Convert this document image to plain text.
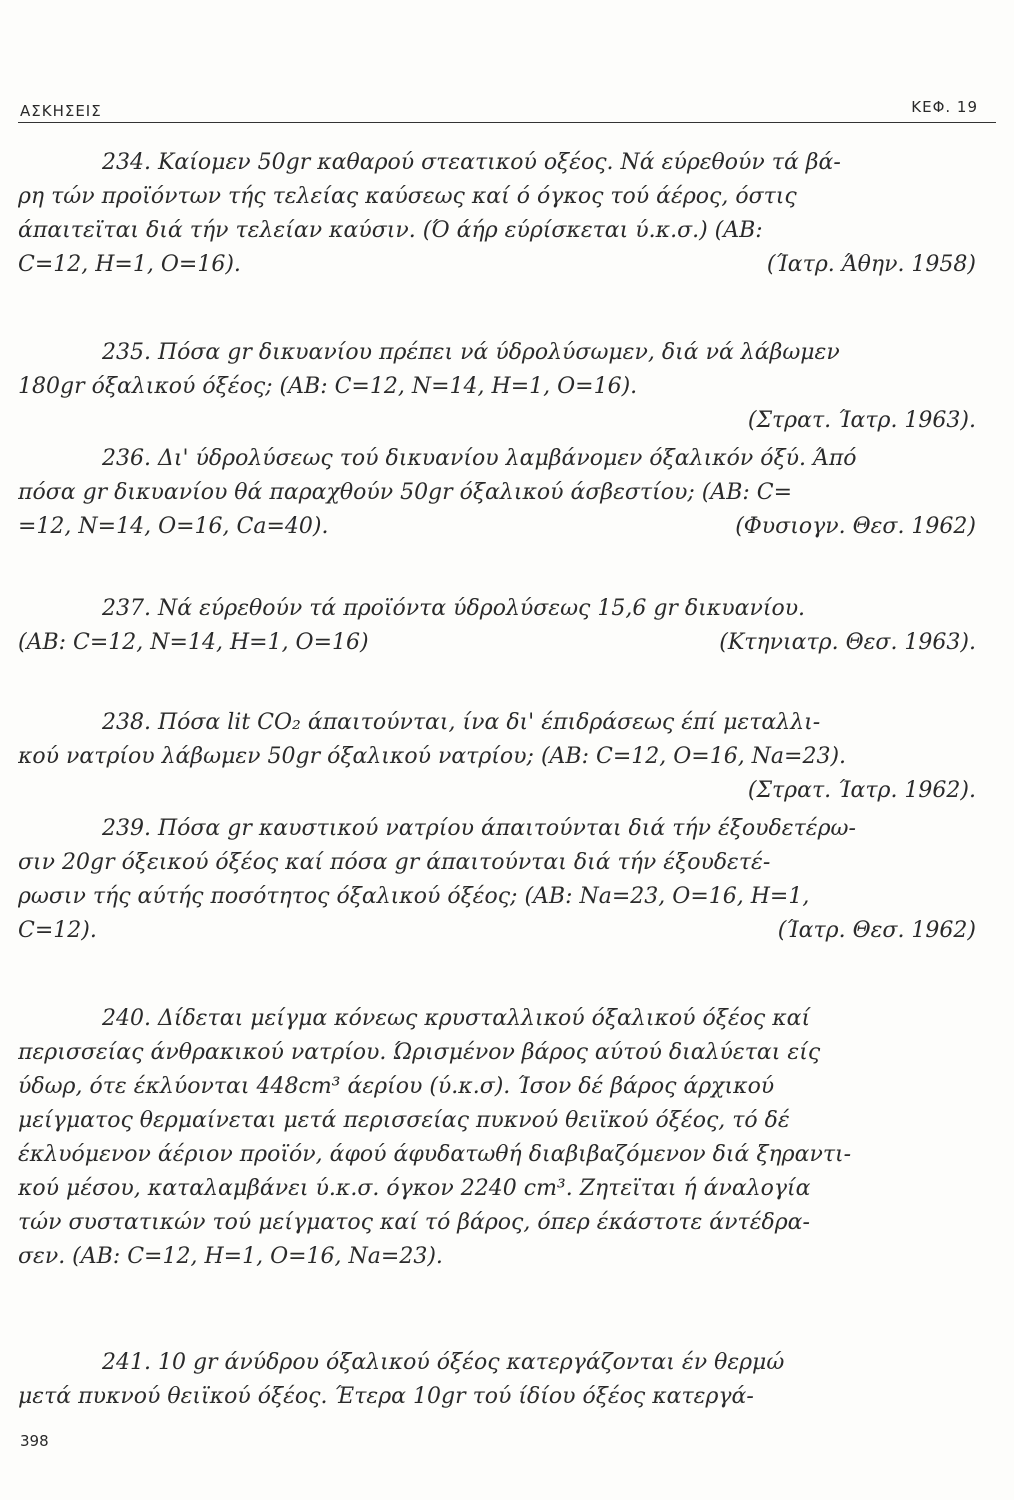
ΑΣΚΗΣΕΙΣ	ΚΕΦ. 19
234. Καίομεν 50gr καθαρού στεατικού οξέος. Νά εύρεθούν τά βά-
ρη τών προϊόντων τής τελείας καύσεως καί ό όγκος τού άέρος, όστις
άπαιτεϊται διά τήν τελείαν καύσιν. (Ό άήρ εύρίσκεται ύ.κ.σ.) (ΑΒ:
C=12, H=1, O=16).	(Ίατρ. Άθην. 1958)
235. Πόσα gr δικυανίου πρέπει νά ύδρολύσωμεν, διά νά λάβωμεν
180gr όξαλικού όξέος; (ΑΒ: C=12, N=14, H=1, O=16).
(Στρατ. Ίατρ. 1963).
236. Δι' ύδρολύσεως τού δικυανίου λαμβάνομεν όξαλικόν όξύ. Άπό
πόσα gr δικυανίου θά παραχθούν 50gr όξαλικού άσβεστίου; (ΑΒ: C=
=12, N=14, O=16, Ca=40).	(Φυσιογν. Θεσ. 1962)
237. Νά εύρεθούν τά προϊόντα ύδρολύσεως 15,6 gr δικυανίου.
(ΑΒ: C=12, N=14, H=1, O=16)	(Κτηνιατρ. Θεσ. 1963).
238. Πόσα lit CO₂ άπαιτούνται, ίνα δι' έπιδράσεως έπί μεταλλι-
κού νατρίου λάβωμεν 50gr όξαλικού νατρίου; (ΑΒ: C=12, O=16, Na=23).
(Στρατ. Ίατρ. 1962).
239. Πόσα gr καυστικού νατρίου άπαιτούνται διά τήν έξουδετέρω-
σιν 20gr όξεικού όξέος καί πόσα gr άπαιτούνται διά τήν έξουδετέ-
ρωσιν τής αύτής ποσότητος όξαλικού όξέος; (ΑΒ: Na=23, O=16, H=1,
C=12).	(Ίατρ. Θεσ. 1962)
240. Δίδεται μείγμα κόνεως κρυσταλλικού όξαλικού όξέος καί
περισσείας άνθρακικού νατρίου. Ώρισμένον βάρος αύτού διαλύεται είς
ύδωρ, ότε έκλύονται 448cm³ άερίου (ύ.κ.σ). Ίσον δέ βάρος άρχικού
μείγματος θερμαίνεται μετά περισσείας πυκνού θειϊκού όξέος, τό δέ
έκλυόμενον άέριον προϊόν, άφού άφυδατωθή διαβιβαζόμενον διά ξηραντι-
κού μέσου, καταλαμβάνει ύ.κ.σ. όγκον 2240 cm³. Ζητεϊται ή άναλογία
τών συστατικών τού μείγματος καί τό βάρος, όπερ έκάστοτε άντέδρα-
σεν. (ΑΒ: C=12, H=1, O=16, Na=23).
241. 10 gr άνύδρου όξαλικού όξέος κατεργάζονται έν θερμώ
μετά πυκνού θειϊκού όξέος. Έτερα 10gr τού ίδίου όξέος κατεργά-
398
